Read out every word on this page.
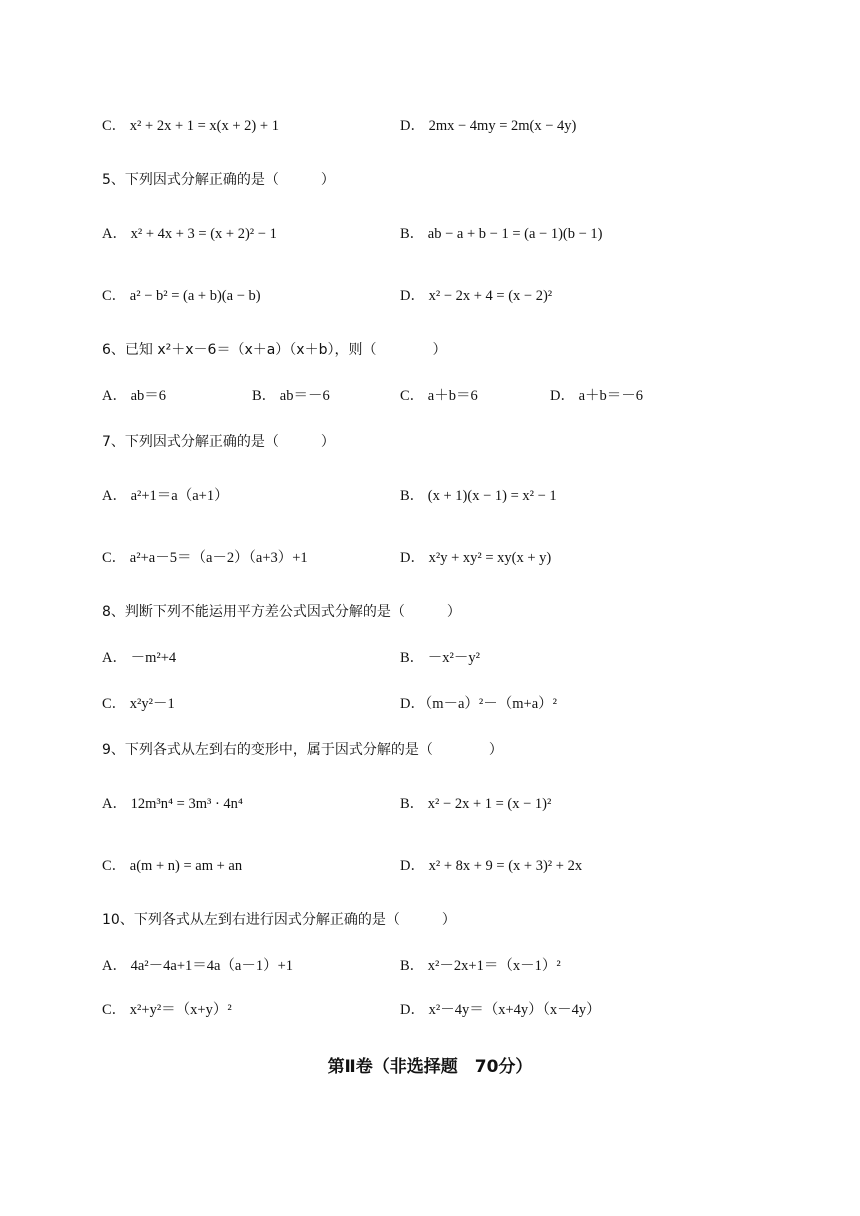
C． x² + 2x + 1 = x(x + 2) + 1	D． 2mx − 4my = 2m(x − 4y)
5、下列因式分解正确的是（　　　）
A． x² + 4x + 3 = (x + 2)² − 1	B． ab − a + b − 1 = (a − 1)(b − 1)
C． a² − b² = (a + b)(a − b)	D． x² − 2x + 4 = (x − 2)²
6、已知 x²＋x－6＝（x＋a）（x＋b），则（　　　　）
A． ab＝6	B． ab＝－6	C． a＋b＝6	D． a＋b＝－6
7、下列因式分解正确的是（　　　）
A． a²+1＝a（a+1）	B． (x + 1)(x − 1) = x² − 1
C． a²+a－5＝（a－2）（a+3）+1	D． x²y + xy² = xy(x + y)
8、判断下列不能运用平方差公式因式分解的是（　　　）
A． －m²+4	B． －x²－y²
C． x²y²－1	D．（m－a）²－（m+a）²
9、下列各式从左到右的变形中，属于因式分解的是（　　　　）
A． 12m³n⁴ = 3m³ · 4n⁴	B． x² − 2x + 1 = (x − 1)²
C． a(m + n) = am + an	D． x² + 8x + 9 = (x + 3)² + 2x
10、下列各式从左到右进行因式分解正确的是（　　　）
A． 4a²－4a+1＝4a（a－1）+1	B． x²－2x+1＝（x－1）²
C． x²+y²＝（x+y）²	D． x²－4y＝（x+4y）（x－4y）
第Ⅱ卷（非选择题　70分）
